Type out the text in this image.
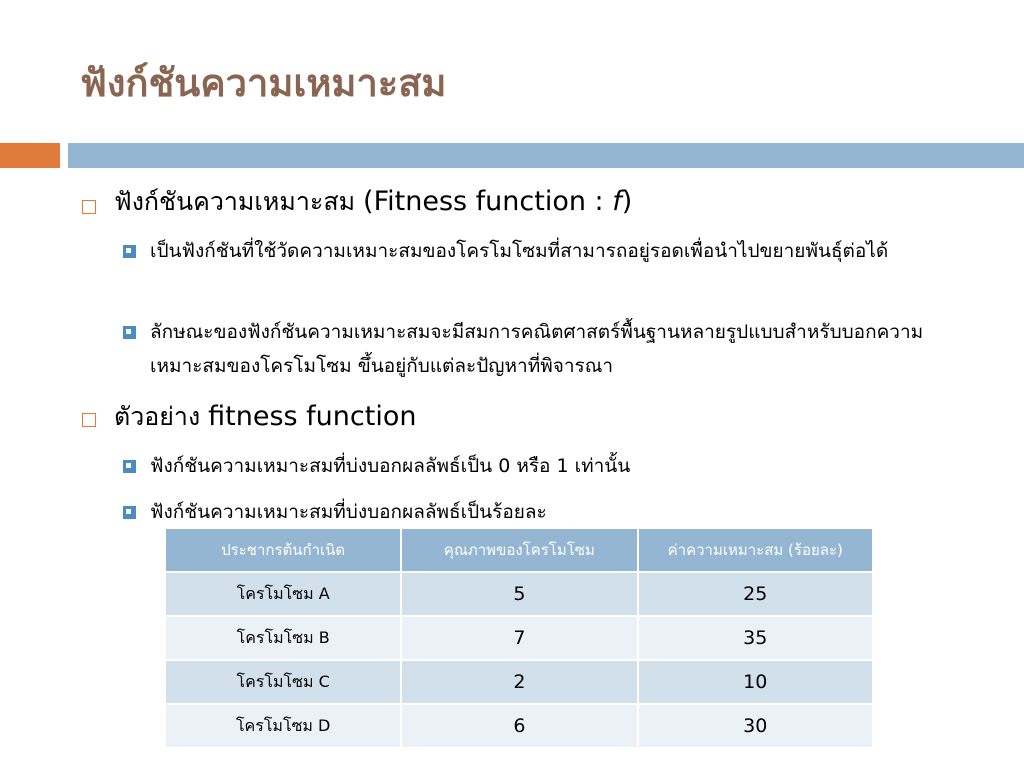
ฟังก์ชันความเหมาะสม
ฟังก์ชันความเหมาะสม (Fitness function : f)
เป็นฟังก์ชันที่ใช้วัดความเหมาะสมของโครโมโซมที่สามารถอยู่รอดเพื่อนำไปขยายพันธุ์ต่อได้
ลักษณะของฟังก์ชันความเหมาะสมจะมีสมการคณิตศาสตร์พื้นฐานหลายรูปแบบสำหรับบอกความเหมาะสมของโครโมโซม ขึ้นอยู่กับแต่ละปัญหาที่พิจารณา
ตัวอย่าง fitness function
ฟังก์ชันความเหมาะสมที่บ่งบอกผลลัพธ์เป็น 0 หรือ 1 เท่านั้น
ฟังก์ชันความเหมาะสมที่บ่งบอกผลลัพธ์เป็นร้อยละ
ประชากรต้นกำเนิด	คุณภาพของโครโมโซม	ค่าความเหมาะสม (ร้อยละ)
โครโมโซม A	5	25
โครโมโซม B	7	35
โครโมโซม C	2	10
โครโมโซม D	6	30
